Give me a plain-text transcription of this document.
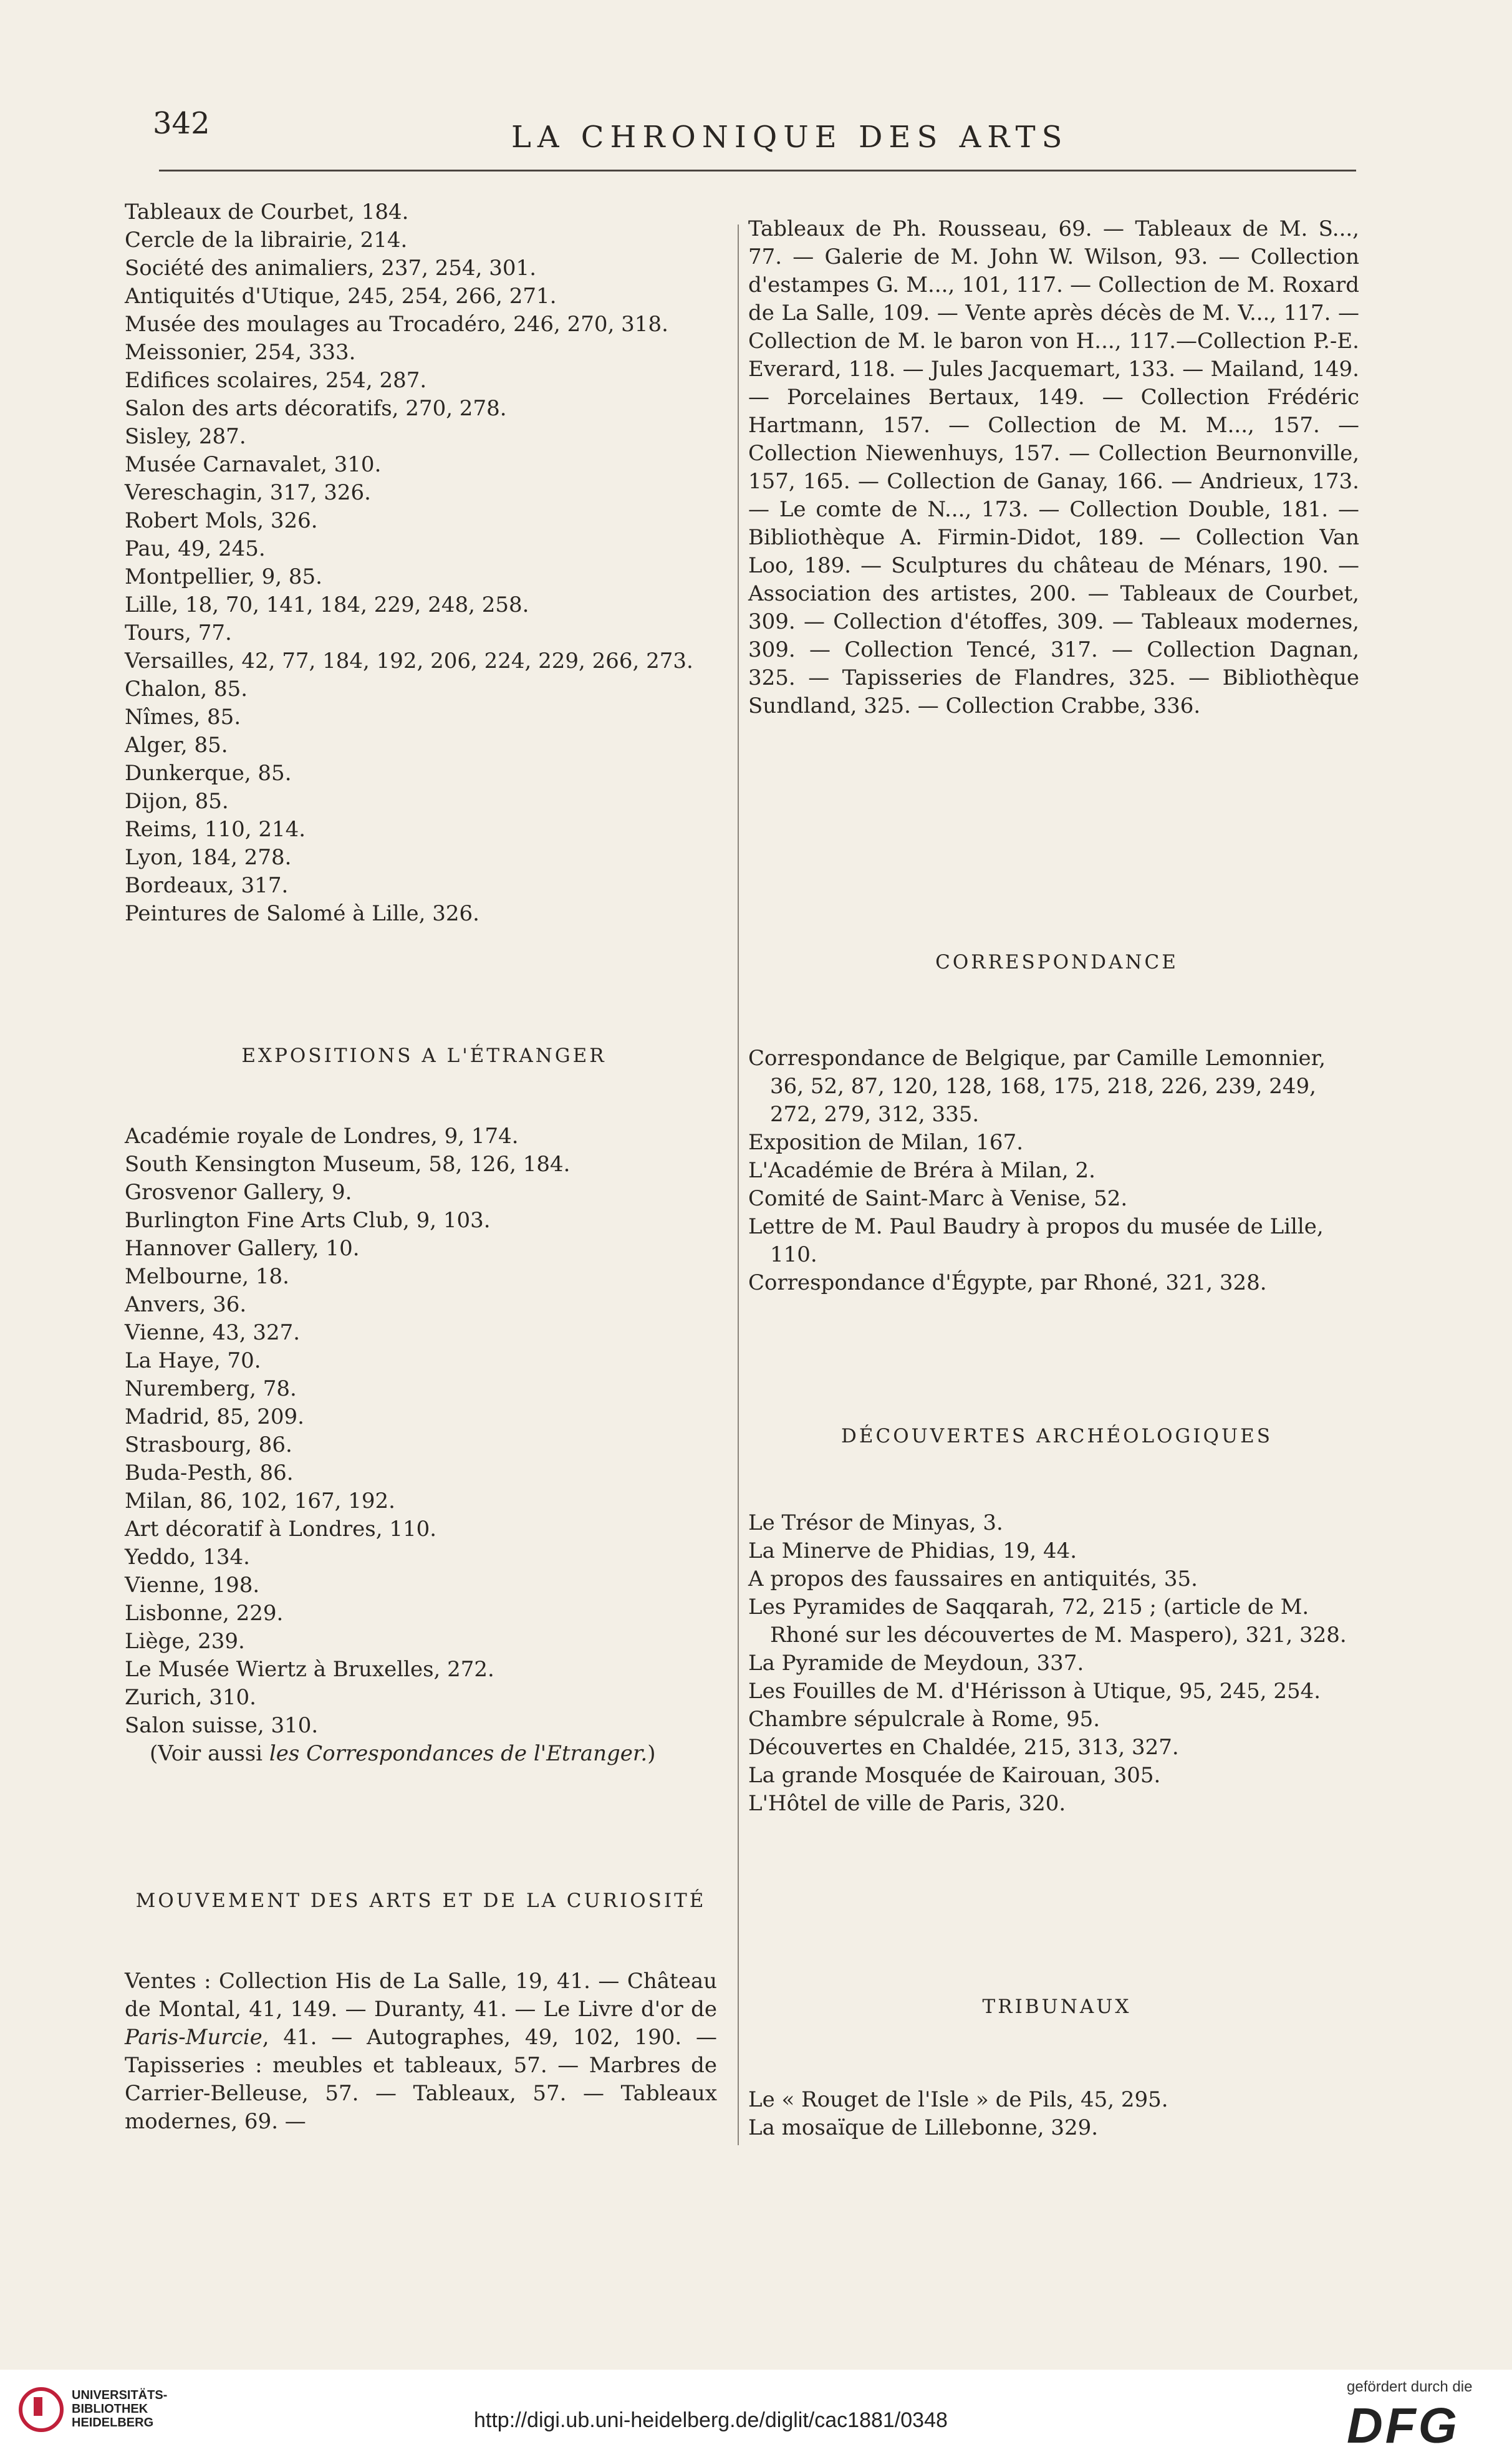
342	LA CHRONIQUE DES ARTS
Tableaux de Courbet, 184.
Cercle de la librairie, 214.
Société des animaliers, 237, 254, 301.
Antiquités d'Utique, 245, 254, 266, 271.
Musée des moulages au Trocadéro, 246, 270, 318.
Meissonier, 254, 333.
Edifices scolaires, 254, 287.
Salon des arts décoratifs, 270, 278.
Sisley, 287.
Musée Carnavalet, 310.
Vereschagin, 317, 326.
Robert Mols, 326.
Pau, 49, 245.
Montpellier, 9, 85.
Lille, 18, 70, 141, 184, 229, 248, 258.
Tours, 77.
Versailles, 42, 77, 184, 192, 206, 224, 229, 266, 273.
Chalon, 85.
Nîmes, 85.
Alger, 85.
Dunkerque, 85.
Dijon, 85.
Reims, 110, 214.
Lyon, 184, 278.
Bordeaux, 317.
Peintures de Salomé à Lille, 326.
EXPOSITIONS A L'ÉTRANGER
Académie royale de Londres, 9, 174.
South Kensington Museum, 58, 126, 184.
Grosvenor Gallery, 9.
Burlington Fine Arts Club, 9, 103.
Hannover Gallery, 10.
Melbourne, 18.
Anvers, 36.
Vienne, 43, 327.
La Haye, 70.
Nuremberg, 78.
Madrid, 85, 209.
Strasbourg, 86.
Buda-Pesth, 86.
Milan, 86, 102, 167, 192.
Art décoratif à Londres, 110.
Yeddo, 134.
Vienne, 198.
Lisbonne, 229.
Liège, 239.
Le Musée Wiertz à Bruxelles, 272.
Zurich, 310.
Salon suisse, 310.
(Voir aussi les Correspondances de l'Etranger.)
MOUVEMENT DES ARTS ET DE LA CURIOSITÉ
Ventes : Collection His de La Salle, 19, 41. — Château de Montal, 41, 149. — Duranty, 41. — Le Livre d'or de Paris-Murcie, 41. — Autographes, 49, 102, 190. — Tapisseries : meubles et tableaux, 57. — Marbres de Carrier-Belleuse, 57. — Tableaux, 57. — Tableaux modernes, 69. —
Tableaux de Ph. Rousseau, 69. — Tableaux de M. S..., 77. — Galerie de M. John W. Wilson, 93. — Collection d'estampes G. M..., 101, 117. — Collection de M. Roxard de La Salle, 109. — Vente après décès de M. V..., 117. — Collection de M. le baron von H..., 117.—Collection P.-E. Everard, 118. — Jules Jacquemart, 133. — Mailand, 149. — Porcelaines Bertaux, 149. — Collection Frédéric Hartmann, 157. — Collection de M. M..., 157. — Collection Niewenhuys, 157. — Collection Beurnonville, 157, 165. — Collection de Ganay, 166. — Andrieux, 173. — Le comte de N..., 173. — Collection Double, 181. — Bibliothèque A. Firmin-Didot, 189. — Collection Van Loo, 189. — Sculptures du château de Ménars, 190. — Association des artistes, 200. — Tableaux de Courbet, 309. — Collection d'étoffes, 309. — Tableaux modernes, 309. — Collection Tencé, 317. — Collection Dagnan, 325. — Tapisseries de Flandres, 325. — Bibliothèque Sundland, 325. — Collection Crabbe, 336.
CORRESPONDANCE
Correspondance de Belgique, par Camille Lemonnier, 36, 52, 87, 120, 128, 168, 175, 218, 226, 239, 249, 272, 279, 312, 335.
Exposition de Milan, 167.
L'Académie de Bréra à Milan, 2.
Comité de Saint-Marc à Venise, 52.
Lettre de M. Paul Baudry à propos du musée de Lille, 110.
Correspondance d'Égypte, par Rhoné, 321, 328.
DÉCOUVERTES ARCHÉOLOGIQUES
Le Trésor de Minyas, 3.
La Minerve de Phidias, 19, 44.
A propos des faussaires en antiquités, 35.
Les Pyramides de Saqqarah, 72, 215 ; (article de M. Rhoné sur les découvertes de M. Maspero), 321, 328.
La Pyramide de Meydoun, 337.
Les Fouilles de M. d'Hérisson à Utique, 95, 245, 254.
Chambre sépulcrale à Rome, 95.
Découvertes en Chaldée, 215, 313, 327.
La grande Mosquée de Kairouan, 305.
L'Hôtel de ville de Paris, 320.
TRIBUNAUX
Le « Rouget de l'Isle » de Pils, 45, 295.
La mosaïque de Lillebonne, 329.
UNIVERSITÄTS-
BIBLIOTHEK
HEIDELBERG	http://digi.ub.uni-heidelberg.de/diglit/cac1881/0348
gefördert durch die
DFG
